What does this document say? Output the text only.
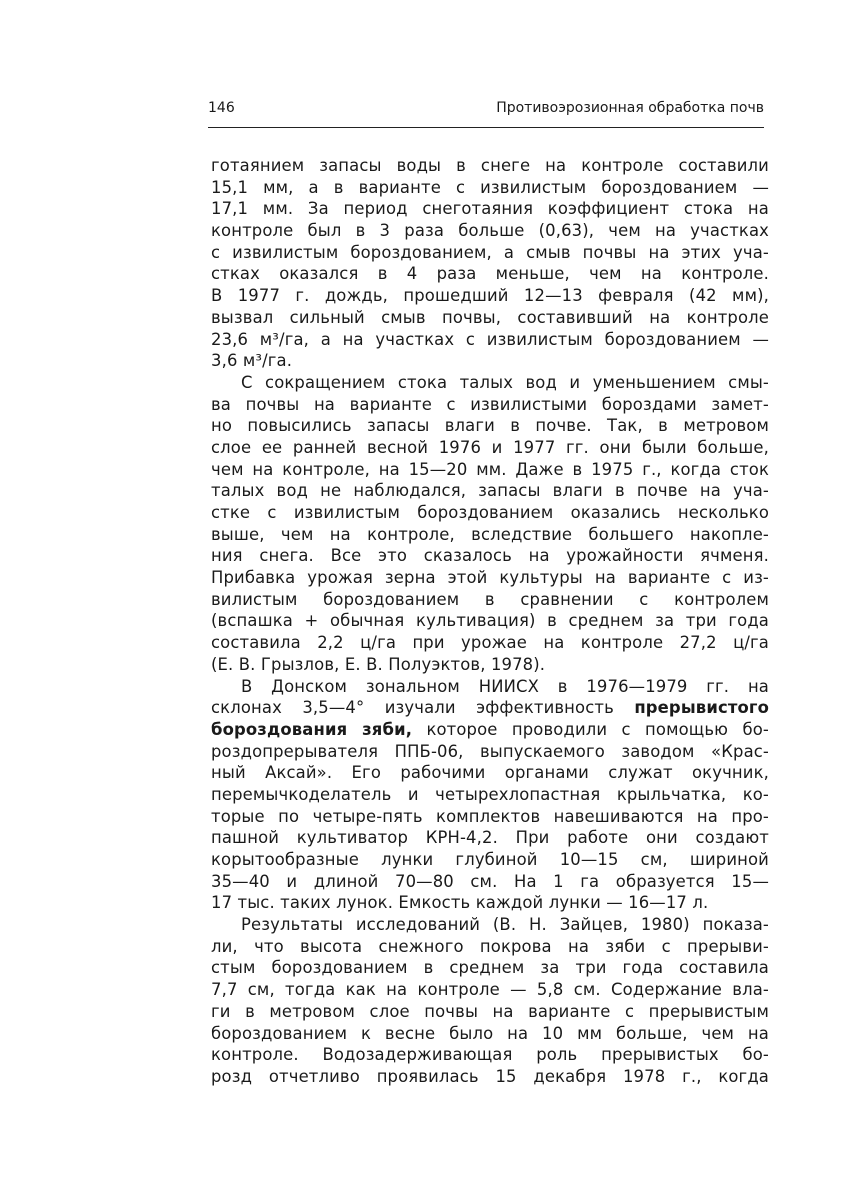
146	Противоэрозионная обработка почв
готаянием запасы воды в снеге на контроле составили
15,1 мм, а в варианте с извилистым бороздованием —
17,1 мм. За период снеготаяния коэффициент стока на
контроле был в 3 раза больше (0,63), чем на участках
с извилистым бороздованием, а смыв почвы на этих уча-
стках оказался в 4 раза меньше, чем на контроле.
В 1977 г. дождь, прошедший 12—13 февраля (42 мм),
вызвал сильный смыв почвы, составивший на контроле
23,6 м³/га, а на участках с извилистым бороздованием —
3,6 м³/га.
С сокращением стока талых вод и уменьшением смы-
ва почвы на варианте с извилистыми бороздами замет-
но повысились запасы влаги в почве. Так, в метровом
слое ее ранней весной 1976 и 1977 гг. они были больше,
чем на контроле, на 15—20 мм. Даже в 1975 г., когда сток
талых вод не наблюдался, запасы влаги в почве на уча-
стке с извилистым бороздованием оказались несколько
выше, чем на контроле, вследствие большего накопле-
ния снега. Все это сказалось на урожайности ячменя.
Прибавка урожая зерна этой культуры на варианте с из-
вилистым бороздованием в сравнении с контролем
(вспашка + обычная культивация) в среднем за три года
составила 2,2 ц/га при урожае на контроле 27,2 ц/га
(Е. В. Грызлов, Е. В. Полуэктов, 1978).
В Донском зональном НИИСХ в 1976—1979 гг. на
склонах 3,5—4° изучали эффективность прерывистого
бороздования зяби, которое проводили с помощью бо-
роздопрерывателя ППБ-06, выпускаемого заводом «Крас-
ный Аксай». Его рабочими органами служат окучник,
перемычкоделатель и четырехлопастная крыльчатка, ко-
торые по четыре-пять комплектов навешиваются на про-
пашной культиватор КРН-4,2. При работе они создают
корытообразные лунки глубиной 10—15 см, шириной
35—40 и длиной 70—80 см. На 1 га образуется 15—
17 тыс. таких лунок. Емкость каждой лунки — 16—17 л.
Результаты исследований (В. Н. Зайцев, 1980) показа-
ли, что высота снежного покрова на зяби с прерыви-
стым бороздованием в среднем за три года составила
7,7 см, тогда как на контроле — 5,8 см. Содержание вла-
ги в метровом слое почвы на варианте с прерывистым
бороздованием к весне было на 10 мм больше, чем на
контроле. Водозадерживающая роль прерывистых бо-
розд отчетливо проявилась 15 декабря 1978 г., когда
